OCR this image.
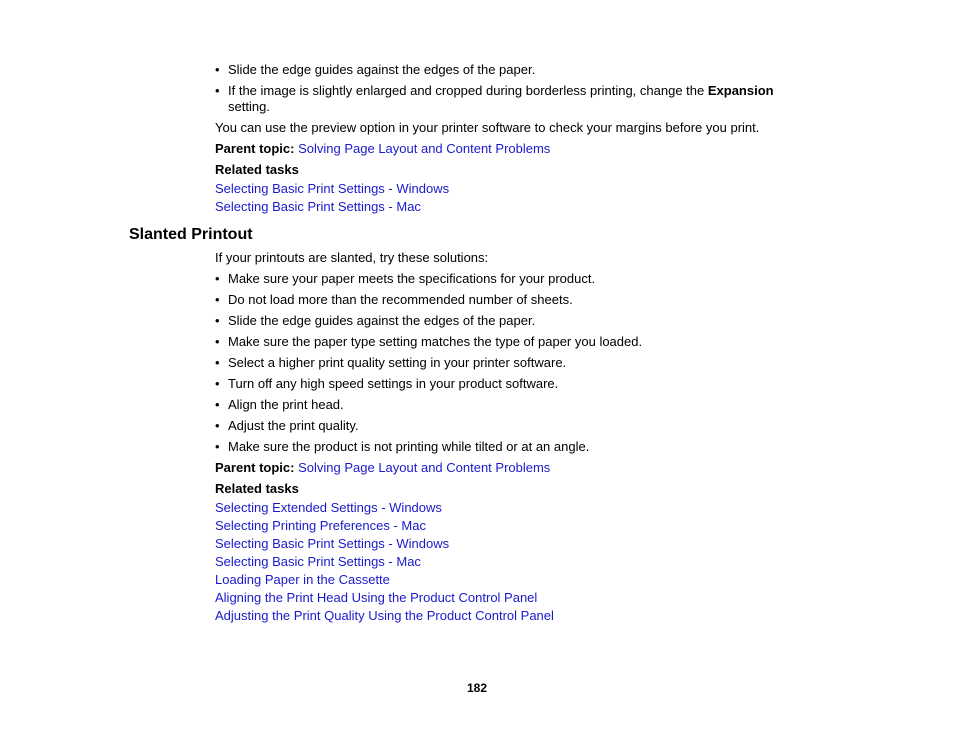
• Slide the edge guides against the edges of the paper.
• If the image is slightly enlarged and cropped during borderless printing, change the Expansion setting.

You can use the preview option in your printer software to check your margins before you print.

Parent topic: Solving Page Layout and Content Problems

Related tasks
Selecting Basic Print Settings - Windows
Selecting Basic Print Settings - Mac
Slanted Printout

If your printouts are slanted, try these solutions:

• Make sure your paper meets the specifications for your product.
• Do not load more than the recommended number of sheets.
• Slide the edge guides against the edges of the paper.
• Make sure the paper type setting matches the type of paper you loaded.
• Select a higher print quality setting in your printer software.
• Turn off any high speed settings in your product software.
• Align the print head.
• Adjust the print quality.
• Make sure the product is not printing while tilted or at an angle.

Parent topic: Solving Page Layout and Content Problems

Related tasks
Selecting Extended Settings - Windows
Selecting Printing Preferences - Mac
Selecting Basic Print Settings - Windows
Selecting Basic Print Settings - Mac
Loading Paper in the Cassette
Aligning the Print Head Using the Product Control Panel
Adjusting the Print Quality Using the Product Control Panel
182
